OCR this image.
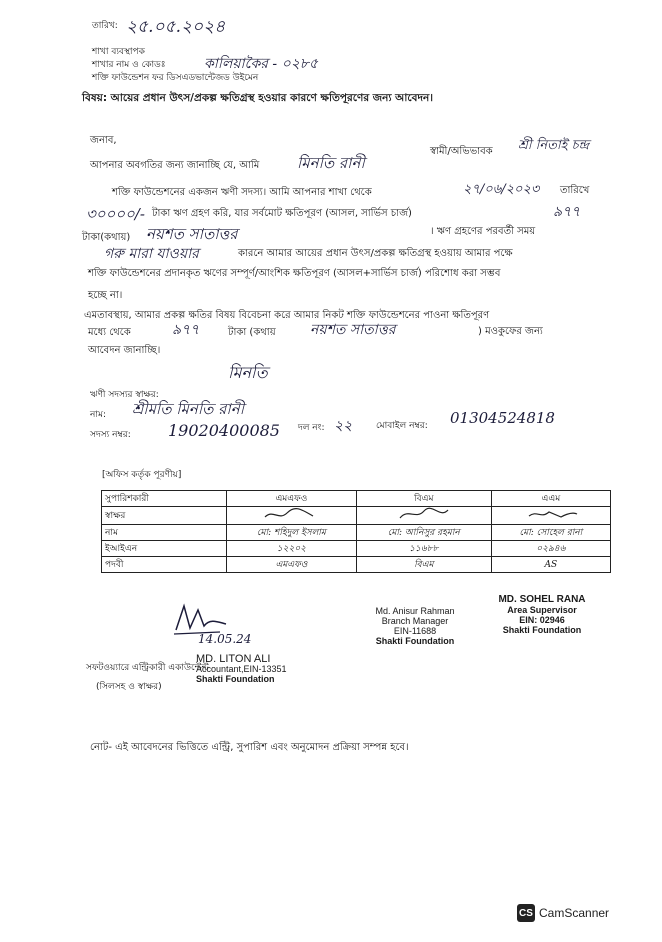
তারিখ: ২৫.০৫.২০২৪
শাখা ব্যবস্থাপক
শাখার নাম ও কোডঃ	কালিয়াকৈর - ০২৮৫
শক্তি ফাউন্ডেশন ফর ডিসএডভান্টেজড উইমেন
বিষয়: আয়ের প্রধান উৎস/প্রকল্প ক্ষতিগ্রস্থ হওয়ার কারণে ক্ষতিপূরণের জন্য আবেদন।
জনাব,
আপনার অবগতির জন্য জানাচ্ছি যে, আমি	মিনতি রানী
স্বামী/অভিভাবক শ্রী নিতাই চন্দ্র
শক্তি ফাউন্ডেশনের একজন ঋণী সদস্য। আমি আপনার শাখা থেকে	২৭/০৬/২০২৩ তারিখে
৩০০০০/- টাকা ঋণ গ্রহণ করি, যার সর্বমোট ক্ষতিপূরণ (আসল, সার্ভিস চার্জ)	৯৭৭
টাকা(কথায়) নয়শত সাতাত্তর	। ঋণ গ্রহণের পরবর্তী সময়
গরু মারা যাওয়ার	কারনে আমার আয়ের প্রধান উৎস/প্রকল্প ক্ষতিগ্রস্থ হওয়ায় আমার পক্ষে
শক্তি ফাউন্ডেশনের প্রদানকৃত ঋণের সম্পূর্ণ/আংশিক ক্ষতিপূরণ (আসল+সার্ভিস চার্জ) পরিশোধ করা সম্ভব
হচ্ছে না।
এমতাবস্থায়, আমার প্রকল্প ক্ষতির বিষয় বিবেচনা করে আমার নিকট শক্তি ফাউন্ডেশনের পাওনা ক্ষতিপূরণ
মধ্যে থেকে	৯৭৭	টাকা (কথায় নয়শত সাতাত্তর	) মওকুফের জন্য
আবেদন জানাচ্ছি।
ঋণী সদস্যর স্বাক্ষর:
মিনতি
নাম: শ্রীমতি মিনতি রানী
সদস্য নম্বর: 19020400085 দল নং: ২২	মোবাইল নম্বর: 01304524818
[অফিস কর্তৃক পূরণীয়]
সুপারিশকারী	এমএফও	বিএম	এএম
স্বাক্ষর			
নাম	মো: শহিদুল ইসলাম	মো: আনিসুর রহমান	মো: সোহেল রানা
ইআইএন	১২২০২	১১৬৮৮	০২৯৪৬
পদবী	এমএফও	বিএম	AS
Md. Anisur Rahman
Branch Manager
EIN-11688
Shakti Foundation
MD. SOHEL RANA
Area Supervisor
EIN: 02946
Shakti Foundation
14.05.24
MD. LITON ALI
Accountant,EIN-13351
Shakti Foundation
সফটওয়্যারে এন্ট্রিকারী একাউন্টেন্ট
(সিলসহ ও স্বাক্ষর)
নোট- এই আবেদনের ভিত্তিতে এন্ট্রি, সুপারিশ এবং অনুমোদন প্রক্রিয়া সম্পন্ন হবে।
CS CamScanner
